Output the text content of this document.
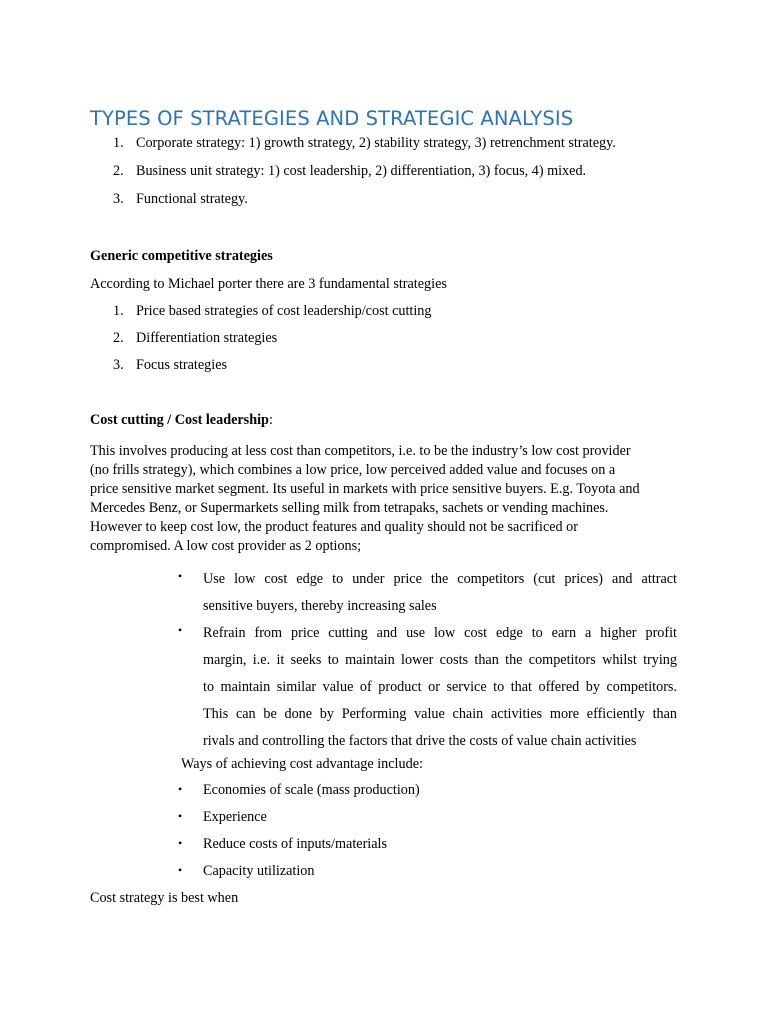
TYPES OF STRATEGIES AND STRATEGIC ANALYSIS
1. Corporate strategy: 1) growth strategy, 2) stability strategy, 3) retrenchment strategy.
2. Business unit strategy: 1) cost leadership, 2) differentiation, 3) focus, 4) mixed.
3. Functional strategy.
Generic competitive strategies
According to Michael porter there are 3 fundamental strategies
1. Price based strategies of cost leadership/cost cutting
2. Differentiation strategies
3. Focus strategies
Cost cutting / Cost leadership:
This involves producing at less cost than competitors, i.e. to be the industry’s low cost provider
(no frills strategy), which combines a low price, low perceived added value and focuses on a
price sensitive market segment. Its useful in markets with price sensitive buyers. E.g. Toyota and
Mercedes Benz, or Supermarkets selling milk from tetrapaks, sachets or vending machines.
However to keep cost low, the product features and quality should not be sacrificed or
compromised. A low cost provider as 2 options;
• Use low cost edge to under price the competitors (cut prices) and attract
sensitive buyers, thereby increasing sales
• Refrain from price cutting and use low cost edge to earn a higher profit
margin, i.e. it seeks to maintain lower costs than the competitors whilst trying
to maintain similar value of product or service to that offered by competitors.
This can be done by Performing value chain activities more efficiently than
rivals and controlling the factors that drive the costs of value chain activities
Ways of achieving cost advantage include:
• Economies of scale (mass production)
• Experience
• Reduce costs of inputs/materials
• Capacity utilization
Cost strategy is best when
